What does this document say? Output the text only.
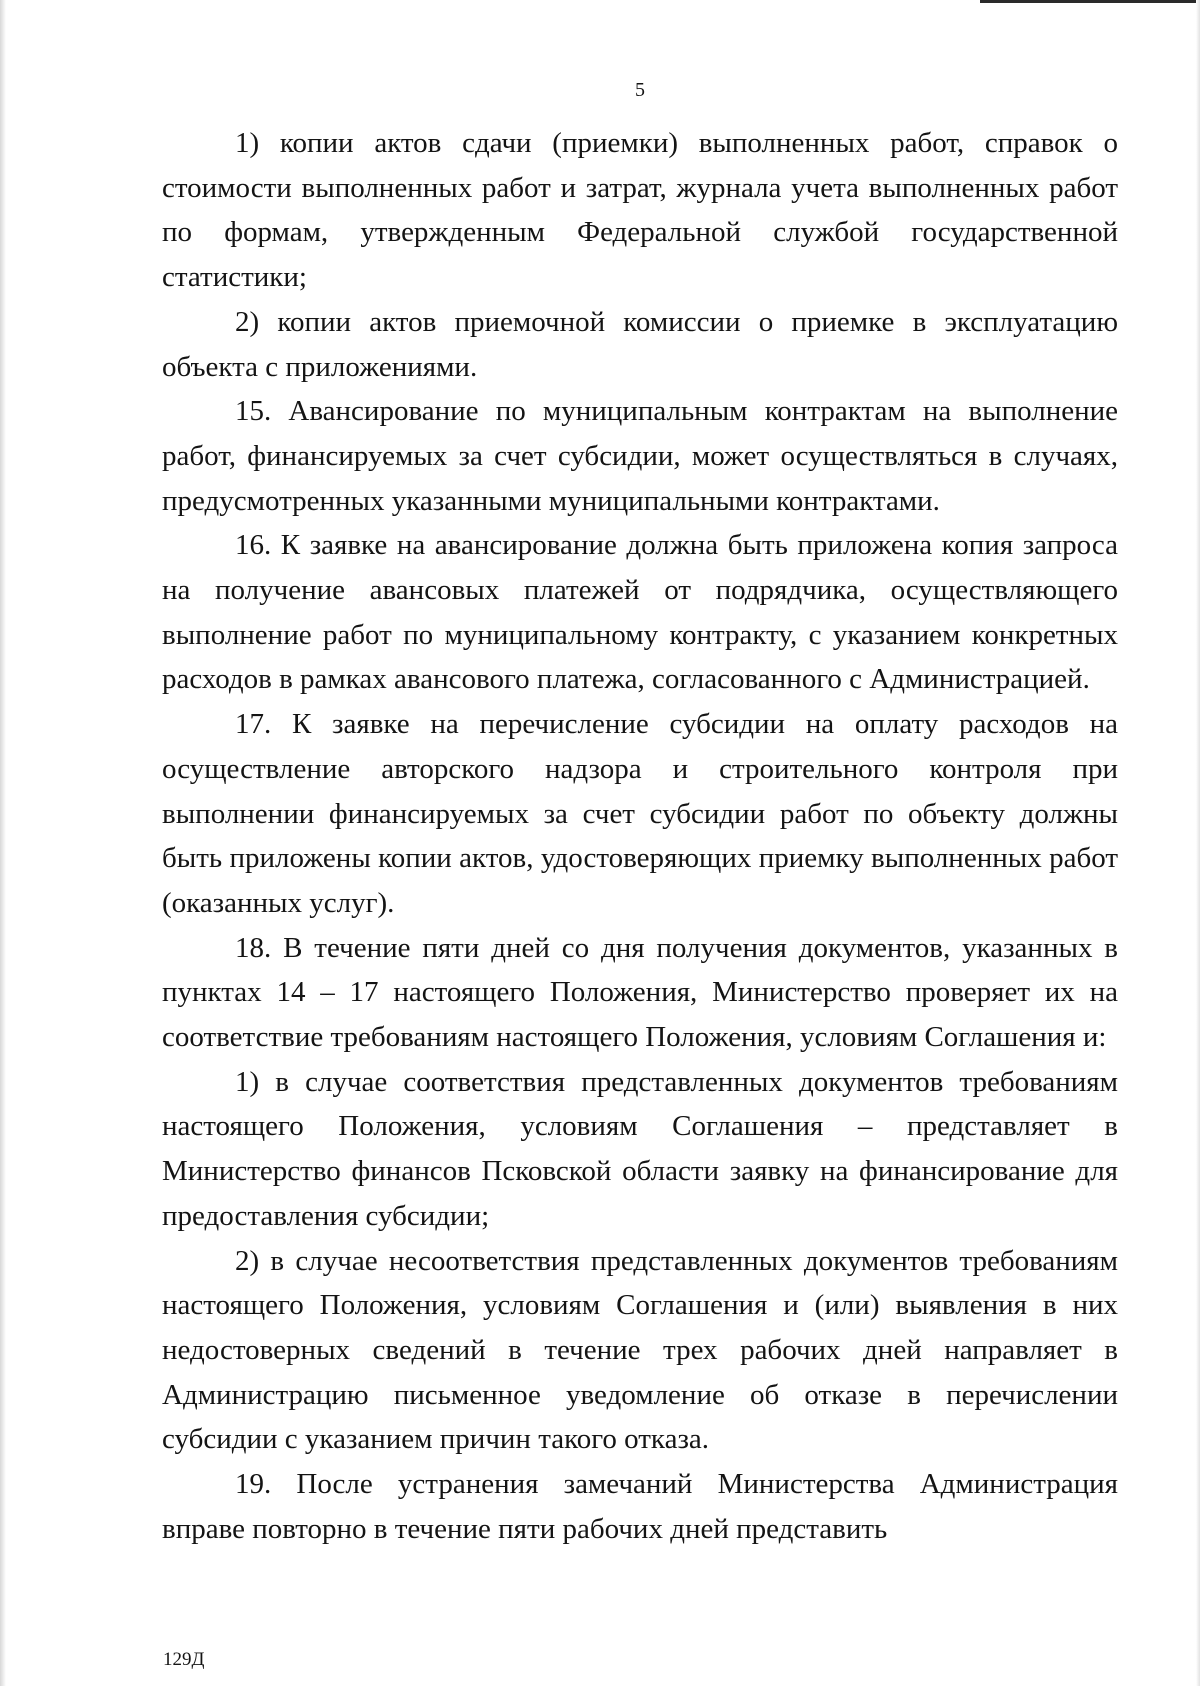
5

1) копии актов сдачи (приемки) выполненных работ, справок о стоимости выполненных работ и затрат, журнала учета выполненных работ по формам, утвержденным Федеральной службой государственной статистики;

2) копии актов приемочной комиссии о приемке в эксплуатацию объекта с приложениями.

15. Авансирование по муниципальным контрактам на выполнение работ, финансируемых за счет субсидии, может осуществляться в случаях, предусмотренных указанными муниципальными контрактами.

16. К заявке на авансирование должна быть приложена копия запроса на получение авансовых платежей от подрядчика, осуществляющего выполнение работ по муниципальному контракту, с указанием конкретных расходов в рамках авансового платежа, согласованного с Администрацией.

17. К заявке на перечисление субсидии на оплату расходов на осуществление авторского надзора и строительного контроля при выполнении финансируемых за счет субсидии работ по объекту должны быть приложены копии актов, удостоверяющих приемку выполненных работ (оказанных услуг).

18. В течение пяти дней со дня получения документов, указанных в пунктах 14 – 17 настоящего Положения, Министерство проверяет их на соответствие требованиям настоящего Положения, условиям Соглашения и:

1) в случае соответствия представленных документов требованиям настоящего Положения, условиям Соглашения – представляет в Министерство финансов Псковской области заявку на финансирование для предоставления субсидии;

2) в случае несоответствия представленных документов требованиям настоящего Положения, условиям Соглашения и (или) выявления в них недостоверных сведений в течение трех рабочих дней направляет в Администрацию письменное уведомление об отказе в перечислении субсидии с указанием причин такого отказа.

19. После устранения замечаний Министерства Администрация вправе повторно в течение пяти рабочих дней представить

129Д
